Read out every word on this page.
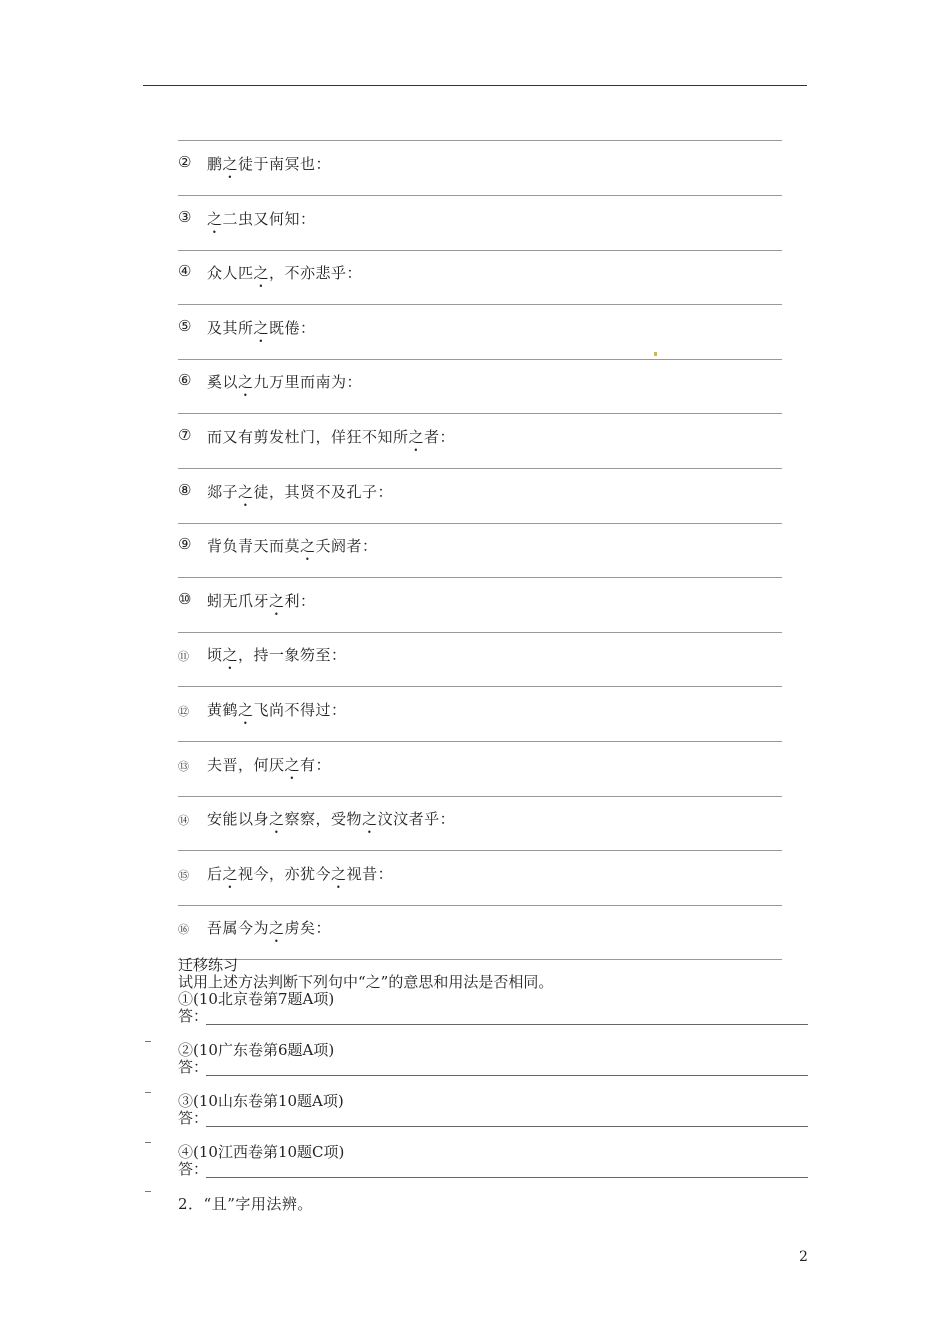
②	鹏之徒于南冥也：
③	之二虫又何知：
④	众人匹之，不亦悲乎：
⑤	及其所之既倦：
⑥	奚以之九万里而南为：
⑦	而又有剪发杜门，佯狂不知所之者：
⑧	郯子之徒，其贤不及孔子：
⑨	背负青天而莫之夭阏者：
⑩	蚓无爪牙之利：
⑪	顷之，持一象笏至：
⑫	黄鹤之飞尚不得过：
⑬	夫晋，何厌之有：
⑭	安能以身之察察，受物之汶汶者乎：
⑮	后之视今，亦犹今之视昔：
⑯	吾属今为之虏矣：
迁移练习
试用上述方法判断下列句中“之”的意思和用法是否相同。
①(10北京卷第7题A项)
答：
②(10广东卷第6题A项)
答：
③(10山东卷第10题A项)
答：
④(10江西卷第10题C项)
答：
2．“且”字用法辨。
2
